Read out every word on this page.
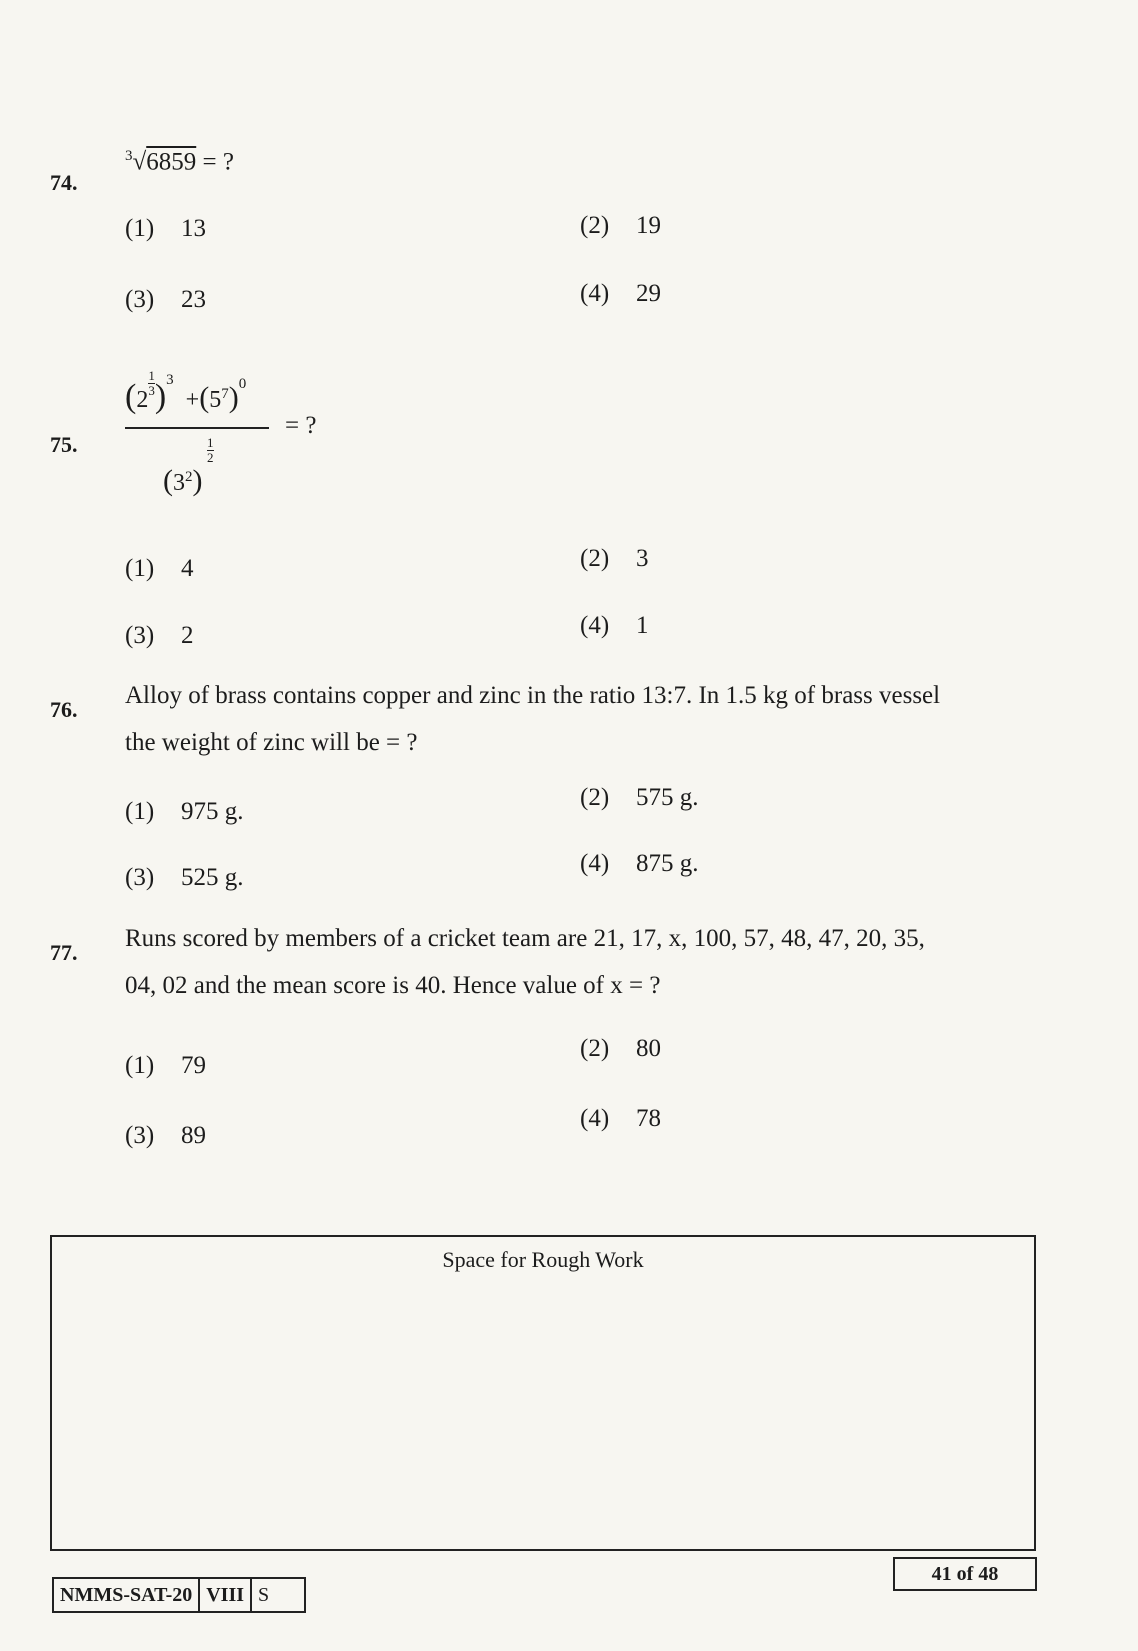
74.
$^3$√6859 = ?
(1) 13	(2) 19
(3) 23	(4) 29
75.
(2
$\frac{1}{3} )^3 +(5^7)^0$
1
2
$(3^2)$
= ?
(1) 4	(2) 3
(3) 2	(4) 1
76.
Alloy of brass contains copper and zinc in the ratio 13:7. In 1.5 kg of brass vessel
the weight of zinc will be = ?
(1) 975 g.
(2) 575 g.
(3) 525 g.
(4) 875 g.
77.
Runs scored by members of a cricket team are 21, 17, x, 100, 57, 48, 47, 20, 35,
04, 02 and the mean score is 40. Hence value of x = ?
(1) 79
(2) 80
(3) 89
(4) 78
Space for Rough Work
41 of 48
NMMS-SAT-20 VIII S
